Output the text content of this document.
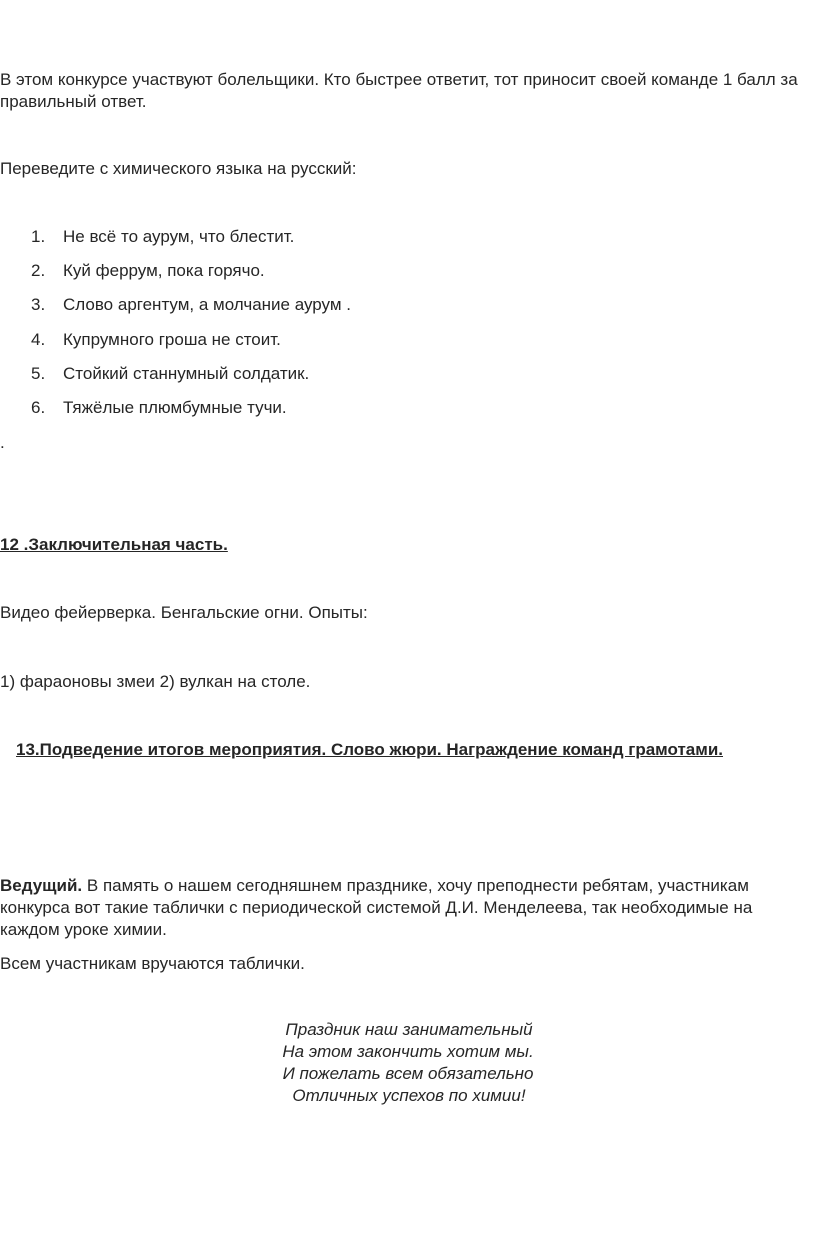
В этом конкурсе участвуют болельщики. Кто быстрее ответит, тот приносит своей команде 1 балл за правильный ответ.

Переведите с химического языка на русский:

1.	Не всё то аурум, что блестит.
2.	Куй феррум, пока горячо.
3.	Слово аргентум, а молчание аурум .
4.	Купрумного гроша не стоит.
5.	Стойкий станнумный солдатик.
6.	Тяжёлые плюмбумные тучи.
.
12 .Заключительная часть.
Видео фейерверка. Бенгальские огни. Опыты:
1) фараоновы змеи 2) вулкан на столе.
13.Подведение итогов мероприятия. Слово жюри. Награждение команд грамотами.

Ведущий. В память о нашем сегодняшнем празднике, хочу преподнести ребятам, участникам конкурса вот такие таблички с периодической системой Д.И. Менделеева, так необходимые на каждом уроке химии.

Всем участникам вручаются таблички.
Праздник наш занимательный
На этом закончить хотим мы.
И пожелать всем обязательно
Отличных успехов по химии!
